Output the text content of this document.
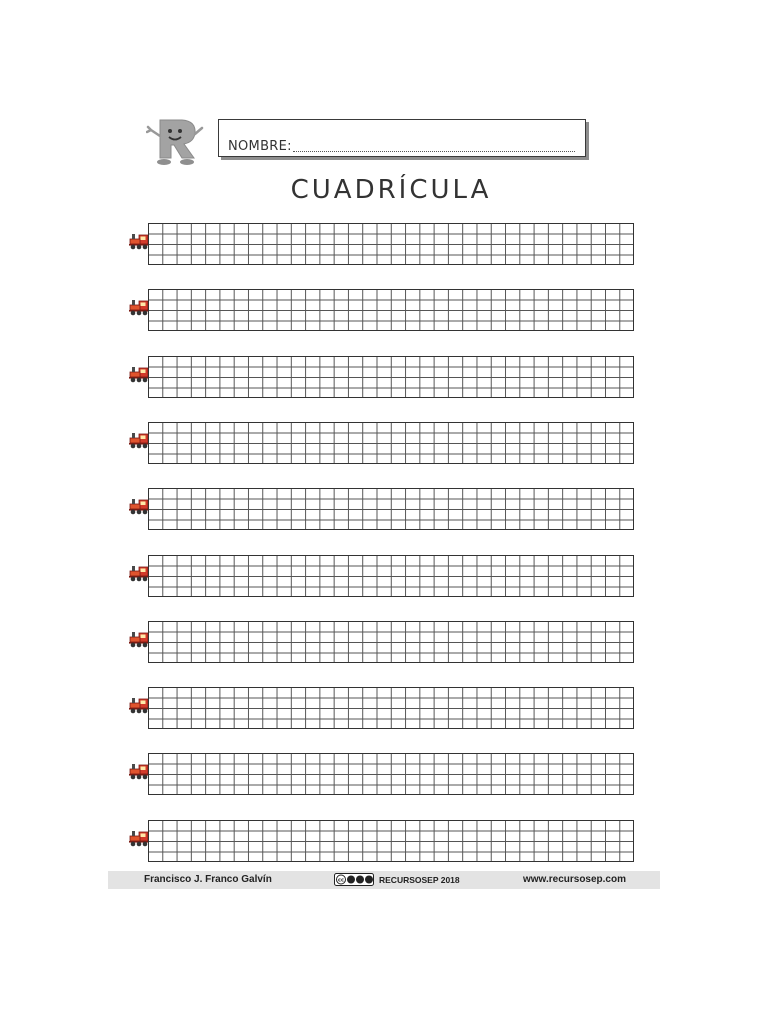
NOMBRE:
CUADRÍCULA
Francisco J. Franco Galvín	cc	RECURSOSEP 2018	www.recursosep.com
